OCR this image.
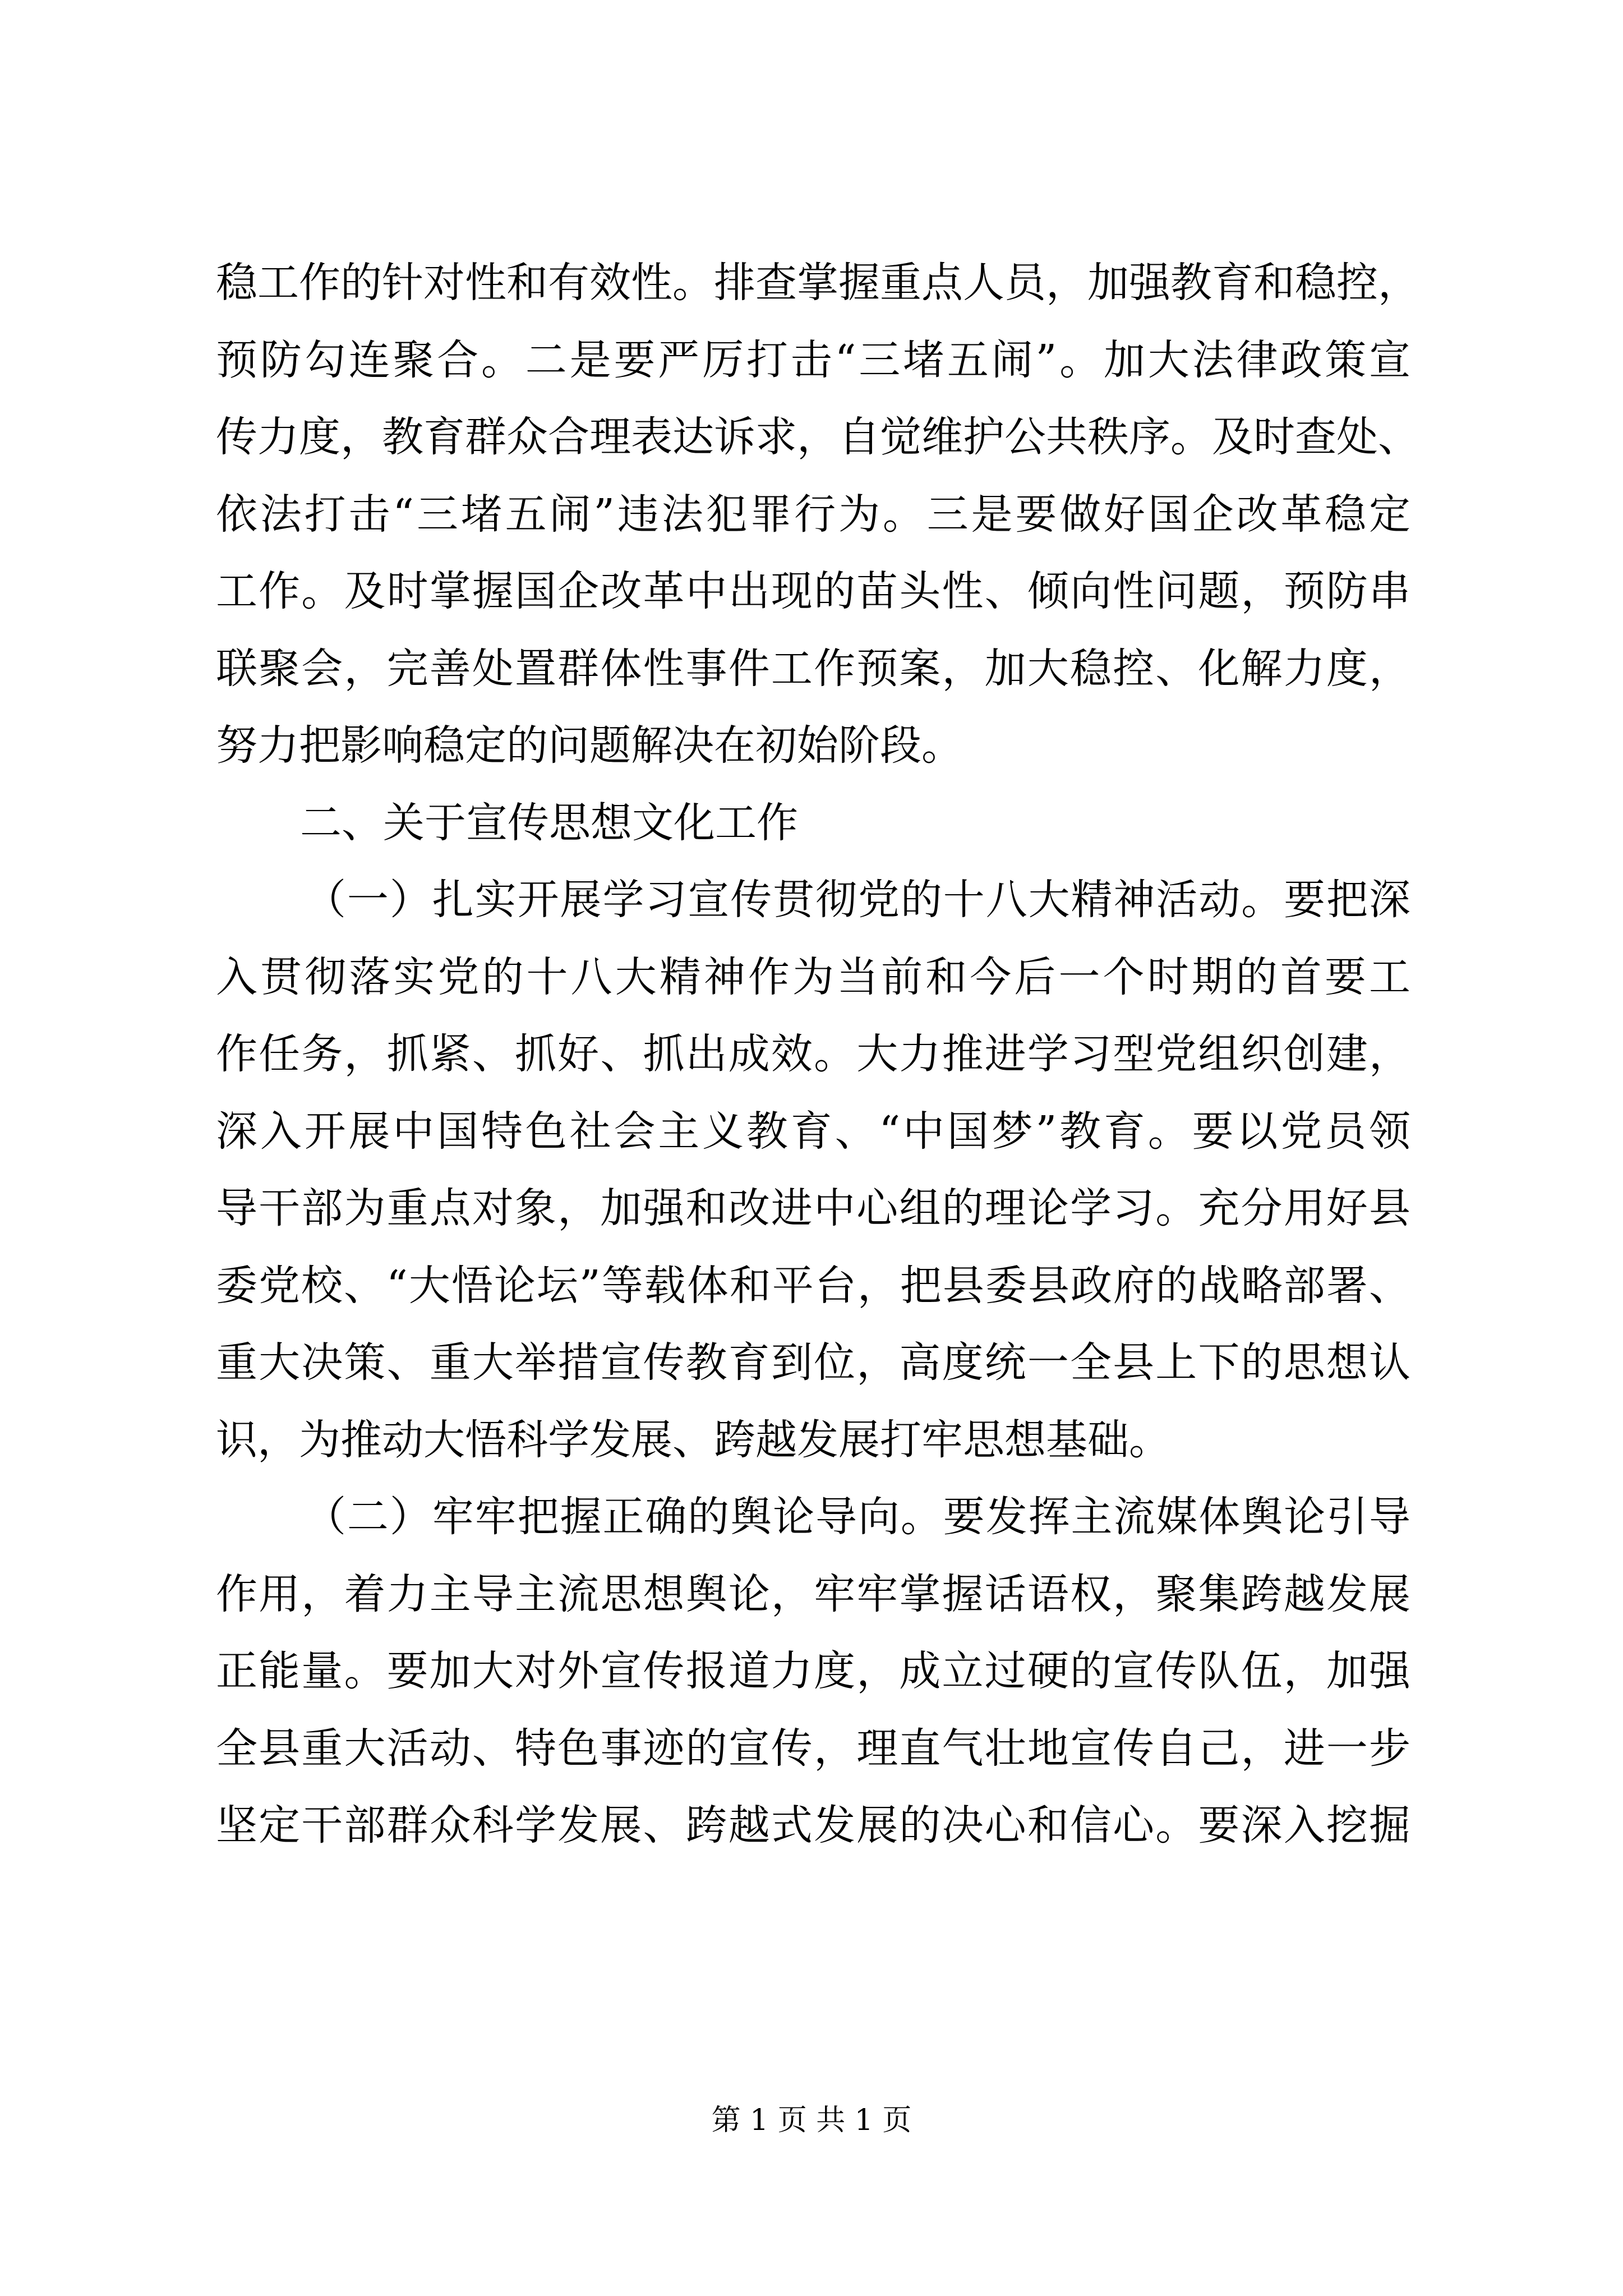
稳工作的针对性和有效性。排查掌握重点人员，加强教育和稳控，
预防勾连聚合。二是要严厉打击“三堵五闹”。加大法律政策宣
传力度，教育群众合理表达诉求，自觉维护公共秩序。及时查处、
依法打击“三堵五闹”违法犯罪行为。三是要做好国企改革稳定
工作。及时掌握国企改革中出现的苗头性、倾向性问题，预防串
联聚会，完善处置群体性事件工作预案，加大稳控、化解力度，
努力把影响稳定的问题解决在初始阶段。
二、关于宣传思想文化工作
（一）扎实开展学习宣传贯彻党的十八大精神活动。要把深
入贯彻落实党的十八大精神作为当前和今后一个时期的首要工
作任务，抓紧、抓好、抓出成效。大力推进学习型党组织创建，
深入开展中国特色社会主义教育、“中国梦”教育。要以党员领
导干部为重点对象，加强和改进中心组的理论学习。充分用好县
委党校、“大悟论坛”等载体和平台，把县委县政府的战略部署、
重大决策、重大举措宣传教育到位，高度统一全县上下的思想认
识，为推动大悟科学发展、跨越发展打牢思想基础。
（二）牢牢把握正确的舆论导向。要发挥主流媒体舆论引导
作用，着力主导主流思想舆论，牢牢掌握话语权，聚集跨越发展
正能量。要加大对外宣传报道力度，成立过硬的宣传队伍，加强
全县重大活动、特色事迹的宣传，理直气壮地宣传自己，进一步
坚定干部群众科学发展、跨越式发展的决心和信心。要深入挖掘
第 1 页 共 1 页
